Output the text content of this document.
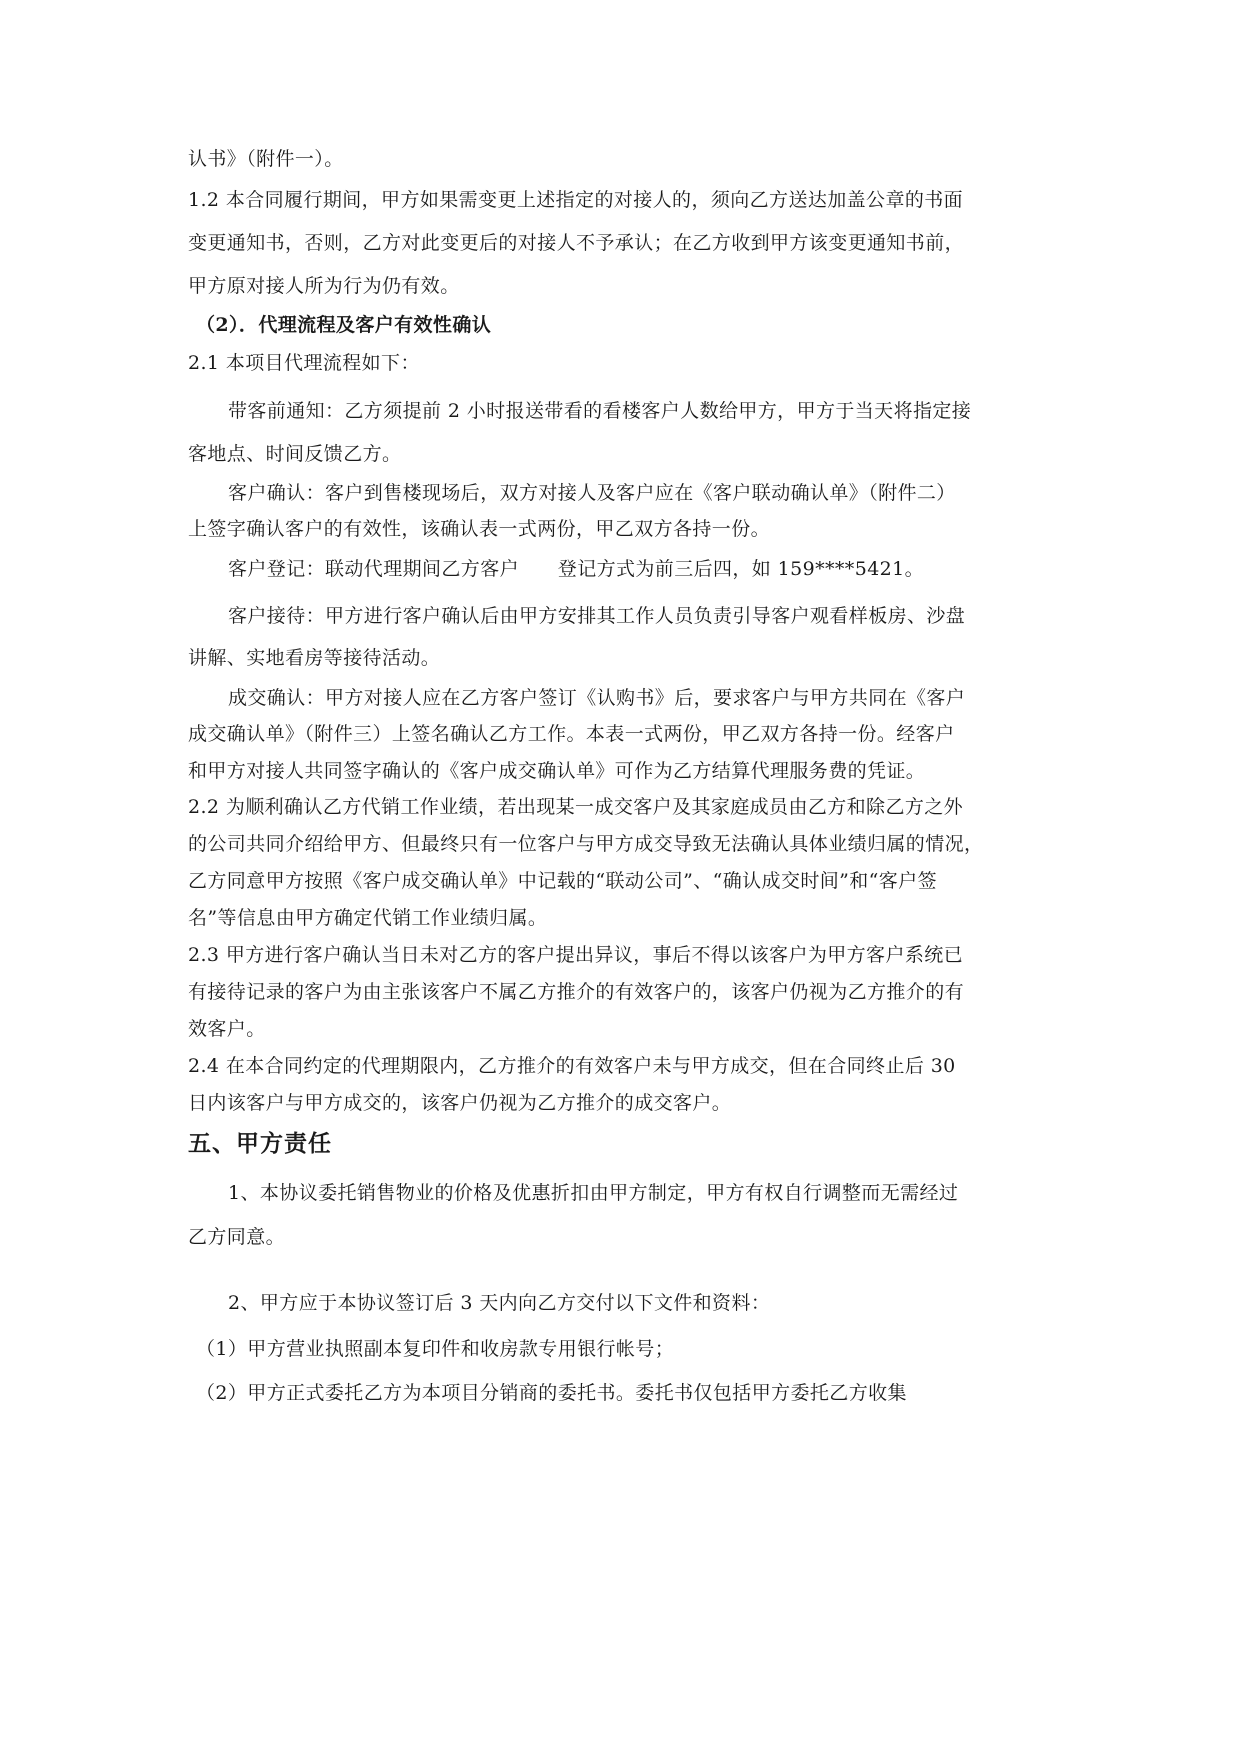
认书》（附件一）。
1.2 本合同履行期间，甲方如果需变更上述指定的对接人的，须向乙方送达加盖公章的书面
变更通知书，否则，乙方对此变更后的对接人不予承认；在乙方收到甲方该变更通知书前，
甲方原对接人所为行为仍有效。
（2）．代理流程及客户有效性确认
2.1 本项目代理流程如下：
带客前通知：乙方须提前 2 小时报送带看的看楼客户人数给甲方，甲方于当天将指定接
客地点、时间反馈乙方。
客户确认：客户到售楼现场后，双方对接人及客户应在《客户联动确认单》（附件二）
上签字确认客户的有效性，该确认表一式两份，甲乙双方各持一份。
客户登记：联动代理期间乙方客户　　登记方式为前三后四，如 159****5421。
客户接待：甲方进行客户确认后由甲方安排其工作人员负责引导客户观看样板房、沙盘
讲解、实地看房等接待活动。
成交确认：甲方对接人应在乙方客户签订《认购书》后，要求客户与甲方共同在《客户
成交确认单》（附件三）上签名确认乙方工作。本表一式两份，甲乙双方各持一份。经客户
和甲方对接人共同签字确认的《客户成交确认单》可作为乙方结算代理服务费的凭证。
2.2 为顺利确认乙方代销工作业绩，若出现某一成交客户及其家庭成员由乙方和除乙方之外
的公司共同介绍给甲方、但最终只有一位客户与甲方成交导致无法确认具体业绩归属的情况，
乙方同意甲方按照《客户成交确认单》中记载的“联动公司”、“确认成交时间”和“客户签
名”等信息由甲方确定代销工作业绩归属。
2.3 甲方进行客户确认当日未对乙方的客户提出异议，事后不得以该客户为甲方客户系统已
有接待记录的客户为由主张该客户不属乙方推介的有效客户的，该客户仍视为乙方推介的有
效客户。
2.4 在本合同约定的代理期限内，乙方推介的有效客户未与甲方成交，但在合同终止后 30
日内该客户与甲方成交的，该客户仍视为乙方推介的成交客户。
五、甲方责任
1、本协议委托销售物业的价格及优惠折扣由甲方制定，甲方有权自行调整而无需经过
乙方同意。
2、甲方应于本协议签订后 3 天内向乙方交付以下文件和资料：
（1）甲方营业执照副本复印件和收房款专用银行帐号；
（2）甲方正式委托乙方为本项目分销商的委托书。委托书仅包括甲方委托乙方收集
